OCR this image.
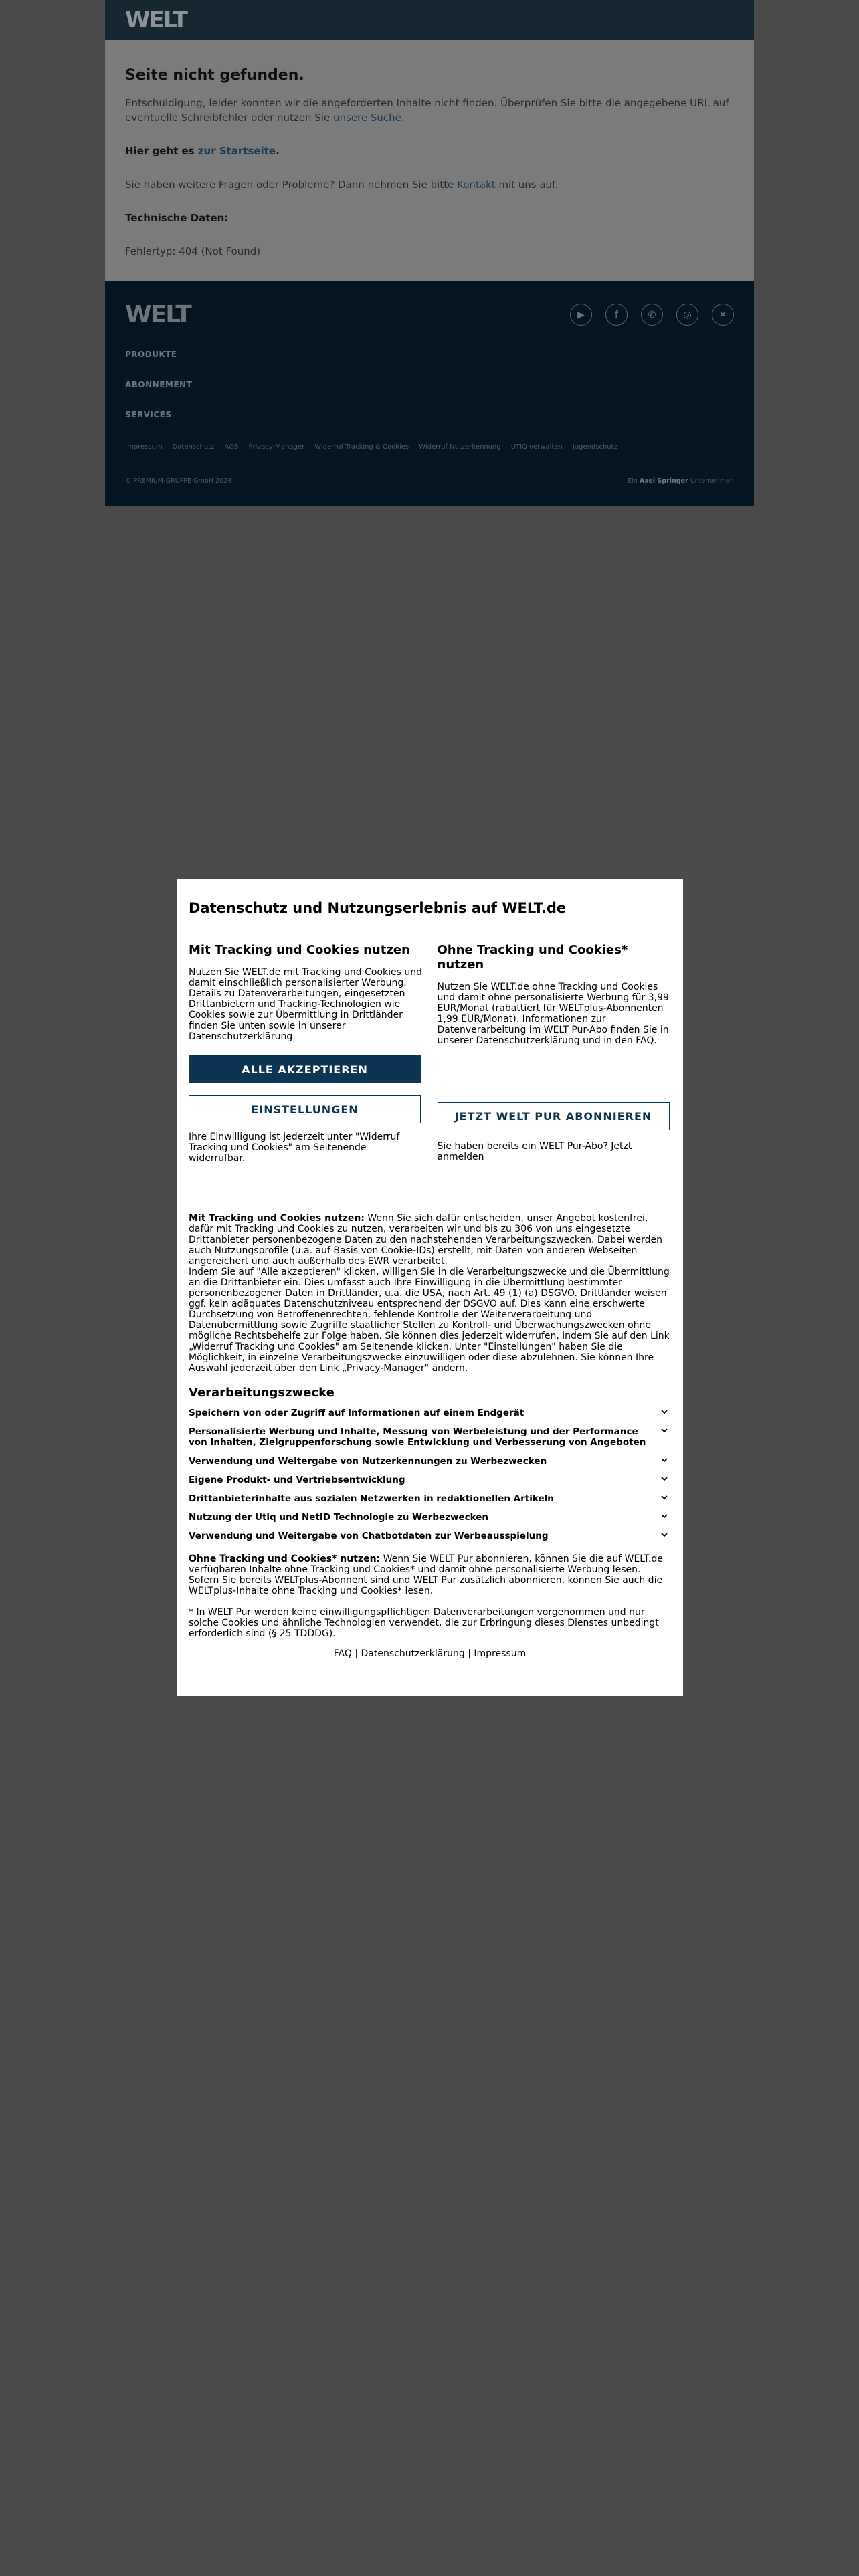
WELT
Seite nicht gefunden.

Entschuldigung, leider konnten wir die angeforderten Inhalte nicht finden. Überprüfen Sie bitte die angegebene URL auf eventuelle Schreibfehler oder nutzen Sie unsere Suche.

Hier geht es zur Startseite.

Sie haben weitere Fragen oder Probleme? Dann nehmen Sie bitte Kontakt mit uns auf.

Technische Daten:

Fehlertyp: 404 (Not Found)

WELT	▶	f	✆	◎	✕
PRODUKTE
ABONNEMENT
SERVICES
Impressum Datenschutz AGB Privacy-Manager Widerruf Tracking & Cookies Widerruf Nutzerkennung UTIQ verwalten Jugendschutz
© PREMIUM-GRUPPE GmbH 2024	Ein Axel Springer Unternehmen
Datenschutz und Nutzungserlebnis auf WELT.de
Mit Tracking und Cookies nutzen

Nutzen Sie WELT.de mit Tracking und Cookies und damit einschließlich personalisierter Werbung. Details zu Datenverarbeitungen, eingesetzten Drittanbietern und Tracking-Technologien wie Cookies sowie zur Übermittlung in Drittländer finden Sie unten sowie in unserer Datenschutzerklärung.

ALLE AKZEPTIEREN
EINSTELLUNGEN

Ihre Einwilligung ist jederzeit unter "Widerruf Tracking und Cookies" am Seitenende widerrufbar.

Ohne Tracking und Cookies* nutzen

Nutzen Sie WELT.de ohne Tracking und Cookies und damit ohne personalisierte Werbung für 3,99 EUR/Monat (rabattiert für WELTplus-Abonnenten 1,99 EUR/Monat). Informationen zur Datenverarbeitung im WELT Pur-Abo finden Sie in unserer Datenschutzerklärung und in den FAQ.

JETZT WELT PUR ABONNIEREN

Sie haben bereits ein WELT Pur-Abo? Jetzt anmelden

Mit Tracking und Cookies nutzen: Wenn Sie sich dafür entscheiden, unser Angebot kostenfrei, dafür mit Tracking und Cookies zu nutzen, verarbeiten wir und bis zu 306 von uns eingesetzte Drittanbieter personenbezogene Daten zu den nachstehenden Verarbeitungszwecken. Dabei werden auch Nutzungsprofile (u.a. auf Basis von Cookie-IDs) erstellt, mit Daten von anderen Webseiten angereichert und auch außerhalb des EWR verarbeitet.
Indem Sie auf "Alle akzeptieren" klicken, willigen Sie in die Verarbeitungszwecke und die Übermittlung an die Drittanbieter ein. Dies umfasst auch Ihre Einwilligung in die Übermittlung bestimmter personenbezogener Daten in Drittländer, u.a. die USA, nach Art. 49 (1) (a) DSGVO. Drittländer weisen ggf. kein adäquates Datenschutzniveau entsprechend der DSGVO auf. Dies kann eine erschwerte Durchsetzung von Betroffenenrechten, fehlende Kontrolle der Weiterverarbeitung und Datenübermittlung sowie Zugriffe staatlicher Stellen zu Kontroll- und Überwachungszwecken ohne mögliche Rechtsbehelfe zur Folge haben. Sie können dies jederzeit widerrufen, indem Sie auf den Link „Widerruf Tracking und Cookies" am Seitenende klicken. Unter "Einstellungen" haben Sie die Möglichkeit, in einzelne Verarbeitungszwecke einzuwilligen oder diese abzulehnen. Sie können Ihre Auswahl jederzeit über den Link „Privacy-Manager" ändern.

Verarbeitungszwecke
Speichern von oder Zugriff auf Informationen auf einem Endgerät
Personalisierte Werbung und Inhalte, Messung von Werbeleistung und der Performance von Inhalten, Zielgruppenforschung sowie Entwicklung und Verbesserung von Angeboten
Verwendung und Weitergabe von Nutzerkennungen zu Werbezwecken
Eigene Produkt- und Vertriebsentwicklung
Drittanbieterinhalte aus sozialen Netzwerken in redaktionellen Artikeln
Nutzung der Utiq und NetID Technologie zu Werbezwecken
Verwendung und Weitergabe von Chatbotdaten zur Werbeausspielung

Ohne Tracking und Cookies* nutzen: Wenn Sie WELT Pur abonnieren, können Sie die auf WELT.de verfügbaren Inhalte ohne Tracking und Cookies* und damit ohne personalisierte Werbung lesen. Sofern Sie bereits WELTplus-Abonnent sind und WELT Pur zusätzlich abonnieren, können Sie auch die WELTplus-Inhalte ohne Tracking und Cookies* lesen.

* In WELT Pur werden keine einwilligungspflichtigen Datenverarbeitungen vorgenommen und nur solche Cookies und ähnliche Technologien verwendet, die zur Erbringung dieses Dienstes unbedingt erforderlich sind (§ 25 TDDDG).

FAQ | Datenschutzerklärung | Impressum
